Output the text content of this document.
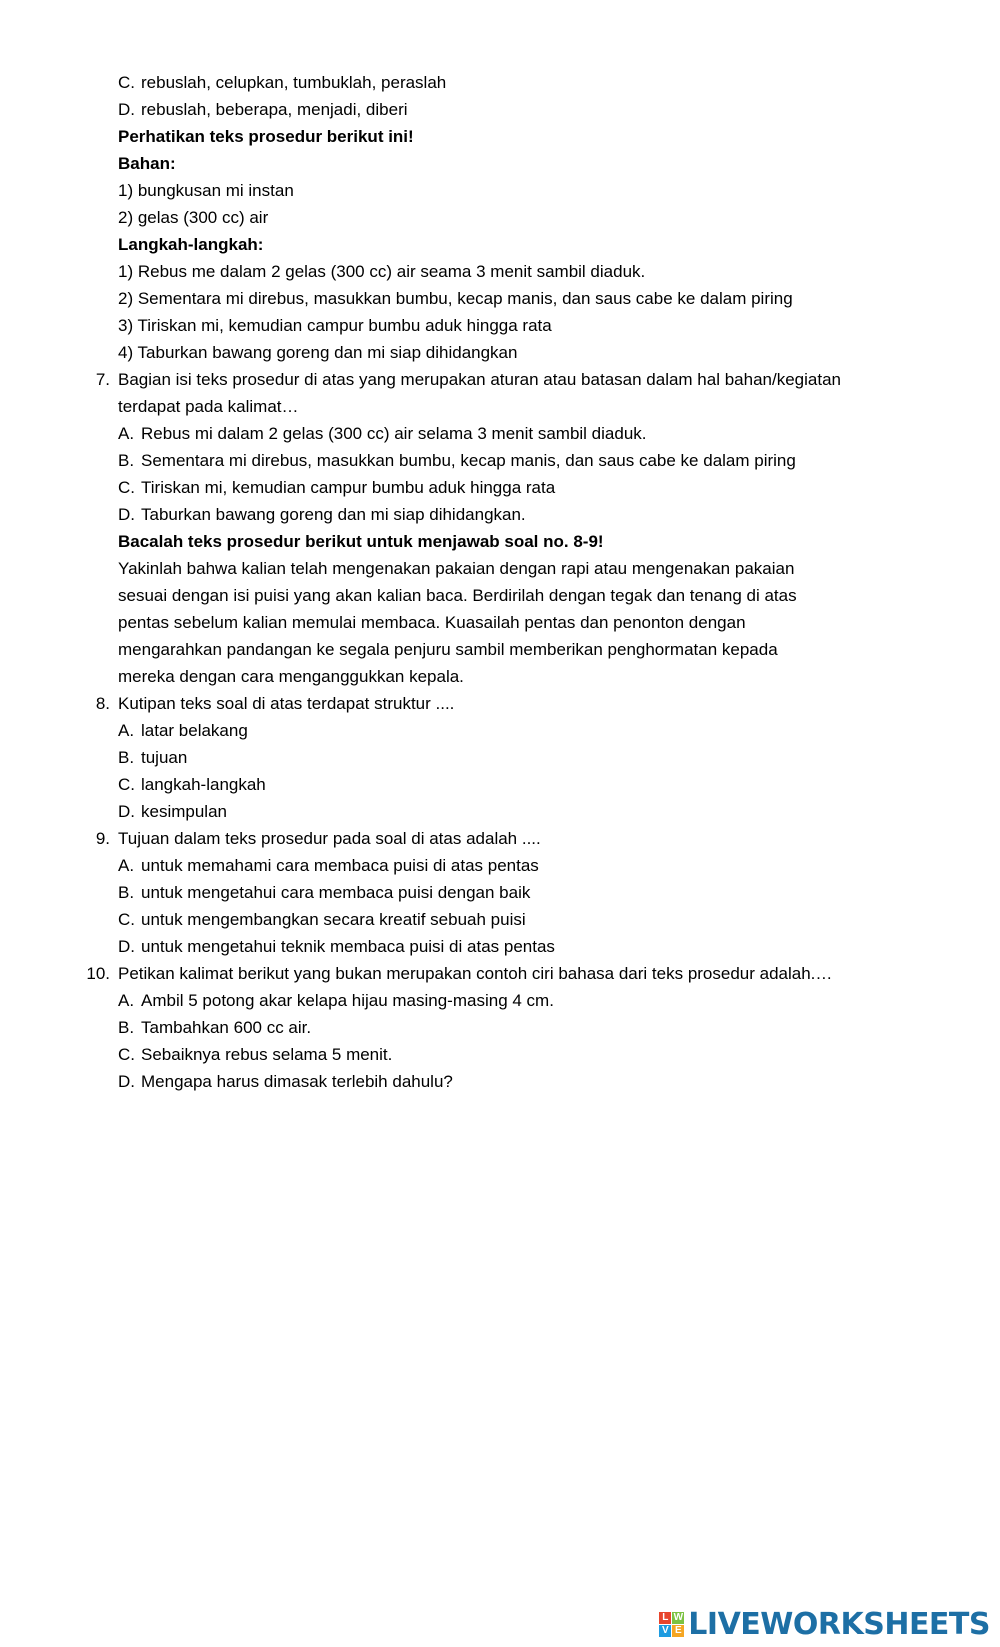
C. rebuslah, celupkan, tumbuklah, peraslah
D. rebuslah, beberapa, menjadi, diberi
Perhatikan teks prosedur berikut ini!
Bahan:
1) bungkusan mi instan
2) gelas (300 cc) air
Langkah-langkah:
1) Rebus me dalam 2 gelas (300 cc) air seama 3 menit sambil diaduk.
2) Sementara mi direbus, masukkan bumbu, kecap manis, dan saus cabe ke dalam piring
3) Tiriskan mi, kemudian campur bumbu aduk hingga rata
4) Taburkan bawang goreng dan mi siap dihidangkan
7. Bagian isi teks prosedur di atas yang merupakan aturan atau batasan dalam hal bahan/kegiatan
terdapat pada kalimat…
A. Rebus mi dalam 2 gelas (300 cc) air selama 3 menit sambil diaduk.
B. Sementara mi direbus, masukkan bumbu, kecap manis, dan saus cabe ke dalam piring
C. Tiriskan mi, kemudian campur bumbu aduk hingga rata
D. Taburkan bawang goreng dan mi siap dihidangkan.
Bacalah teks prosedur berikut untuk menjawab soal no. 8-9!
Yakinlah bahwa kalian telah mengenakan pakaian dengan rapi atau mengenakan pakaian
sesuai dengan isi puisi yang akan kalian baca. Berdirilah dengan tegak dan tenang di atas
pentas sebelum kalian memulai membaca. Kuasailah pentas dan penonton dengan
mengarahkan pandangan ke segala penjuru sambil memberikan penghormatan kepada
mereka dengan cara menganggukkan kepala.
8. Kutipan teks soal di atas terdapat struktur ....
A. latar belakang
B. tujuan
C. langkah-langkah
D. kesimpulan
9. Tujuan dalam teks prosedur pada soal di atas adalah ....
A. untuk memahami cara membaca puisi di atas pentas
B. untuk mengetahui cara membaca puisi dengan baik
C. untuk mengembangkan secara kreatif sebuah puisi
D. untuk mengetahui teknik membaca puisi di atas pentas
10. Petikan kalimat berikut yang bukan merupakan contoh ciri bahasa dari teks prosedur adalah.…
A. Ambil 5 potong akar kelapa hijau masing-masing 4 cm.
B. Tambahkan 600 cc air.
C. Sebaiknya rebus selama 5 menit.
D. Mengapa harus dimasak terlebih dahulu?
L W
V E LIVEWORKSHEETS
